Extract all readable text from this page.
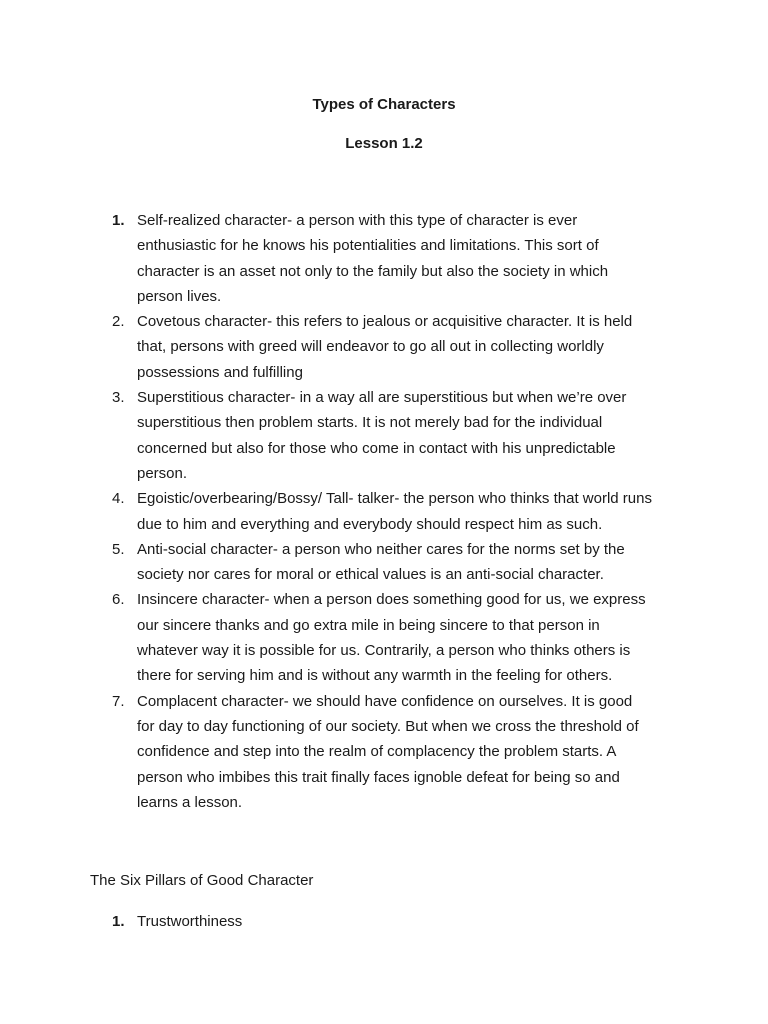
Types of Characters
Lesson 1.2
1. Self-realized character- a person with this type of character is ever enthusiastic for he knows his potentialities and limitations. This sort of character is an asset not only to the family but also the society in which person lives.
2. Covetous character- this refers to jealous or acquisitive character. It is held that, persons with greed will endeavor to go all out in collecting worldly possessions and fulfilling
3. Superstitious character- in a way all are superstitious but when we’re over superstitious then problem starts. It is not merely bad for the individual concerned but also for those who come in contact with his unpredictable person.
4. Egoistic/overbearing/Bossy/ Tall- talker- the person who thinks that world runs due to him and everything and everybody should respect him as such.
5. Anti-social character- a person who neither cares for the norms set by the society nor cares for moral or ethical values is an anti-social character.
6. Insincere character- when a person does something good for us, we express our sincere thanks and go extra mile in being sincere to that person in whatever way it is possible for us. Contrarily, a person who thinks others is there for serving him and is without any warmth in the feeling for others.
7. Complacent character- we should have confidence on ourselves. It is good for day to day functioning of our society. But when we cross the threshold of confidence and step into the realm of complacency the problem starts. A person who imbibes this trait finally faces ignoble defeat for being so and learns a lesson.
The Six Pillars of Good Character
1. Trustworthiness
